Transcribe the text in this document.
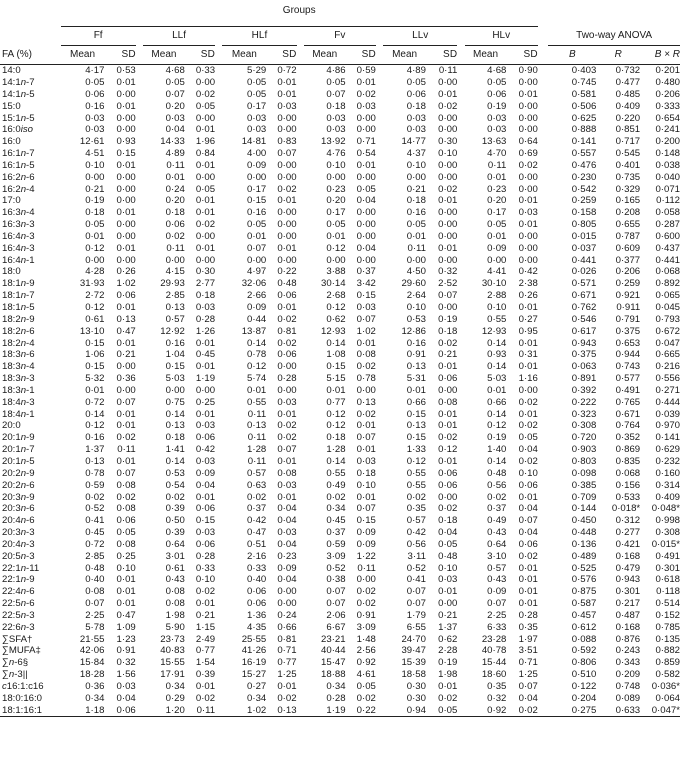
	Groups																				
	Ff			LLf			HLf			Fv			LLv			HLv			Two-way ANOVA		
FA (%)	Mean	SD		Mean	SD		Mean	SD		Mean	SD		Mean	SD		Mean	SD		B	R	B × R
14:0	4·17	0·53		4·68	0·33		5·29	0·72		4·86	0·59		4·89	0·11		4·68	0·90		0·403	0·732	0·201
14:1n-7	0·05	0·01		0·05	0·00		0·05	0·01		0·05	0·01		0·05	0·00		0·05	0·00		0·745	0·477	0·480
14:1n-5	0·06	0·00		0·07	0·02		0·05	0·01		0·07	0·02		0·06	0·01		0·06	0·01		0·581	0·485	0·206
15:0	0·16	0·01		0·20	0·05		0·17	0·03		0·18	0·03		0·18	0·02		0·19	0·00		0·506	0·409	0·333
15:1n-5	0·03	0·00		0·03	0·00		0·03	0·00		0·03	0·00		0·03	0·00		0·03	0·00		0·625	0·220	0·654
16:0iso	0·03	0·00		0·04	0·01		0·03	0·00		0·03	0·00		0·03	0·00		0·03	0·00		0·888	0·851	0·241
16:0	12·61	0·93		14·33	1·96		14·81	0·83		13·92	0·71		14·77	0·30		13·63	0·64		0·141	0·717	0·200
16:1n-7	4·51	0·15		4·89	0·84		4·00	0·07		4·76	0·54		4·37	0·10		4·70	0·69		0·557	0·545	0·148
16:1n-5	0·10	0·01		0·11	0·01		0·09	0·00		0·10	0·01		0·10	0·00		0·11	0·02		0·476	0·401	0·038
16:2n-6	0·00	0·00		0·01	0·00		0·00	0·00		0·00	0·00		0·00	0·00		0·01	0·00		0·230	0·735	0·040
16:2n-4	0·21	0·00		0·24	0·05		0·17	0·02		0·23	0·05		0·21	0·02		0·23	0·00		0·542	0·329	0·071
17:0	0·19	0·00		0·20	0·01		0·15	0·01		0·20	0·04		0·18	0·01		0·20	0·01		0·259	0·165	0·112
16:3n-4	0·18	0·01		0·18	0·01		0·16	0·00		0·17	0·00		0·16	0·00		0·17	0·03		0·158	0·208	0·058
16:3n-3	0·05	0·00		0·06	0·02		0·05	0·00		0·05	0·00		0·05	0·00		0·05	0·01		0·805	0·655	0·287
16:4n-3	0·01	0·00		0·02	0·00		0·01	0·00		0·01	0·00		0·01	0·00		0·01	0·00		0·015	0·787	0·600
16:4n-3	0·12	0·01		0·11	0·01		0·07	0·01		0·12	0·04		0·11	0·01		0·09	0·00		0·037	0·609	0·437
16:4n-1	0·00	0·00		0·00	0·00		0·00	0·00		0·00	0·00		0·00	0·00		0·00	0·00		0·441	0·377	0·441
18:0	4·28	0·26		4·15	0·30		4·97	0·22		3·88	0·37		4·50	0·32		4·41	0·42		0·026	0·206	0·068
18:1n-9	31·93	1·02		29·93	2·77		32·06	0·48		30·14	3·42		29·60	2·52		30·10	2·38		0·571	0·259	0·892
18:1n-7	2·72	0·06		2·85	0·18		2·66	0·06		2·68	0·15		2·64	0·07		2·88	0·26		0·671	0·921	0·065
18:1n-5	0·12	0·01		0·13	0·03		0·09	0·01		0·12	0·03		0·10	0·00		0·10	0·01		0·762	0·911	0·045
18:2n-9	0·61	0·13		0·57	0·28		0·44	0·02		0·62	0·07		0·53	0·19		0·55	0·27		0·546	0·791	0·793
18:2n-6	13·10	0·47		12·92	1·26		13·87	0·81		12·93	1·02		12·86	0·18		12·93	0·95		0·617	0·375	0·672
18:2n-4	0·15	0·01		0·16	0·01		0·14	0·02		0·14	0·01		0·16	0·02		0·14	0·01		0·943	0·653	0·047
18:3n-6	1·06	0·21		1·04	0·45		0·78	0·06		1·08	0·08		0·91	0·21		0·93	0·31		0·375	0·944	0·665
18:3n-4	0·15	0·00		0·15	0·01		0·12	0·00		0·15	0·02		0·13	0·01		0·14	0·01		0·063	0·743	0·216
18:3n-3	5·32	0·36		5·03	1·19		5·74	0·28		5·15	0·78		5·31	0·06		5·03	1·16		0·891	0·577	0·556
18:3n-1	0·01	0·00		0·00	0·00		0·01	0·00		0·01	0·00		0·01	0·00		0·01	0·00		0·392	0·491	0·271
18:4n-3	0·72	0·07		0·75	0·25		0·55	0·03		0·77	0·13		0·66	0·08		0·66	0·02		0·222	0·765	0·444
18:4n-1	0·14	0·01		0·14	0·01		0·11	0·01		0·12	0·02		0·15	0·01		0·14	0·01		0·323	0·671	0·039
20:0	0·12	0·01		0·13	0·03		0·13	0·02		0·12	0·01		0·13	0·01		0·12	0·02		0·308	0·764	0·970
20:1n-9	0·16	0·02		0·18	0·06		0·11	0·02		0·18	0·07		0·15	0·02		0·19	0·05		0·720	0·352	0·141
20:1n-7	1·37	0·11		1·41	0·42		1·28	0·07		1·28	0·01		1·33	0·12		1·40	0·04		0·903	0·869	0·629
20:1n-5	0·13	0·01		0·14	0·03		0·11	0·01		0·14	0·03		0·12	0·01		0·14	0·02		0·803	0·835	0·232
20:2n-9	0·78	0·07		0·53	0·09		0·57	0·08		0·55	0·18		0·55	0·06		0·48	0·10		0·098	0·068	0·160
20:2n-6	0·59	0·08		0·54	0·04		0·63	0·03		0·49	0·10		0·55	0·06		0·56	0·06		0·385	0·156	0·314
20:3n-9	0·02	0·02		0·02	0·01		0·02	0·01		0·02	0·01		0·02	0·00		0·02	0·01		0·709	0·533	0·409
20:3n-6	0·52	0·08		0·39	0·06		0·37	0·04		0·34	0·07		0·35	0·02		0·37	0·04		0·144	0·018*	0·048*
20:4n-6	0·41	0·06		0·50	0·15		0·42	0·04		0·45	0·15		0·57	0·18		0·49	0·07		0·450	0·312	0·998
20:3n-3	0·45	0·05		0·39	0·03		0·47	0·03		0·37	0·09		0·42	0·04		0·43	0·04		0·448	0·277	0·308
20:4n-3	0·72	0·08		0·64	0·06		0·51	0·04		0·59	0·09		0·56	0·05		0·64	0·06		0·136	0·421	0·015*
20:5n-3	2·85	0·25		3·01	0·28		2·16	0·23		3·09	1·22		3·11	0·48		3·10	0·02		0·489	0·168	0·491
22:1n-11	0·48	0·10		0·61	0·33		0·33	0·09		0·52	0·11		0·52	0·10		0·57	0·01		0·525	0·479	0·301
22:1n-9	0·40	0·01		0·43	0·10		0·40	0·04		0·38	0·00		0·41	0·03		0·43	0·01		0·576	0·943	0·618
22:4n-6	0·08	0·01		0·08	0·02		0·06	0·00		0·07	0·02		0·07	0·01		0·09	0·01		0·875	0·301	0·118
22:5n-6	0·07	0·01		0·08	0·01		0·06	0·00		0·07	0·02		0·07	0·00		0·07	0·01		0·587	0·217	0·514
22:5n-3	2·25	0·47		1·98	0·21		1·36	0·24		2·06	0·91		1·79	0·21		2·25	0·28		0·457	0·487	0·152
22:6n-3	5·78	1·09		5·90	1·15		4·35	0·66		6·67	3·09		6·55	1·37		6·33	0·35		0·612	0·168	0·785
∑SFA†	21·55	1·23		23·73	2·49		25·55	0·81		23·21	1·48		24·70	0·62		23·28	1·97		0·088	0·876	0·135
∑MUFA‡	42·06	0·91		40·83	0·77		41·26	0·71		40·44	2·56		39·47	2·28		40·78	3·51		0·592	0·243	0·882
∑n-6§	15·84	0·32		15·55	1·54		16·19	0·77		15·47	0·92		15·39	0·19		15·44	0·71		0·806	0·343	0·859
∑n-3||	18·28	1·56		17·91	0·39		15·27	1·25		18·88	4·61		18·58	1·98		18·60	1·25		0·510	0·209	0·582
c16:1:c16	0·36	0·03		0·34	0·01		0·27	0·01		0·34	0·05		0·30	0·01		0·35	0·07		0·122	0·748	0·036*
18:0:16:0	0·34	0·04		0·29	0·02		0·34	0·02		0·28	0·02		0·30	0·02		0·32	0·04		0·204	0·089	0·064
18:1:16:1	1·18	0·06		1·20	0·11		1·02	0·13		1·19	0·22		0·94	0·05		0·92	0·02		0·275	0·633	0·047*
